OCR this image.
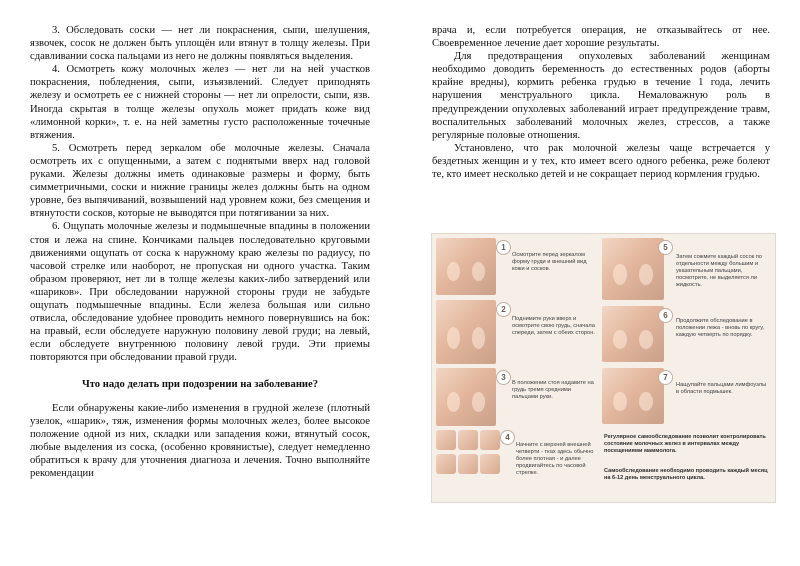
3. Обследовать соски — нет ли покраснения, сыпи, шелушения, язвочек, сосок не должен быть уплощён или втянут в толщу железы. При сдавливании соска пальцами из него не должны появляться выделения.

4. Осмотреть кожу молочных желез — нет ли на ней участков покраснения, побледнения, сыпи, изъязвлений. Следует приподнять железу и осмотреть ее с нижней стороны — нет ли опрелости, сыпи, язв. Иногда скрытая в толще железы опухоль может придать коже вид «лимонной корки», т. е. на ней заметны густо расположенные точечные втяжения.

5. Осмотреть перед зеркалом обе молочные железы. Сначала осмотреть их с опущенными, а затем с поднятыми вверх над головой руками. Железы должны иметь одинаковые размеры и форму, быть симметричными, соски и нижние границы желез должны быть на одном уровне, без выпячиваний, возвышений над уровнем кожи, без смещения и втянутости сосков, которые не выводятся при потягивании за них.

6. Ощупать молочные железы и подмышечные впадины в положении стоя и лежа на спине. Кончиками пальцев последовательно круговыми движениями ощупать от соска к наружному краю железы по радиусу, по часовой стрелке или наоборот, не пропуская ни одного участка. Таким образом проверяют, нет ли в толще железы каких-либо затвердений или «шариков». При обследовании наружной стороны груди не забудьте ощупать подмышечные впадины. Если железа большая или сильно отвисла, обследование удобнее проводить немного повернувшись на бок: на правый, если обследуете наружную половину левой груди; на левый, если обследуете внутреннюю половину левой груди. Эти приемы повторяются при обследовании правой груди.

Что надо делать при подозрении на заболевание?

Если обнаружены какие-либо изменения в грудной железе (плотный узелок, «шарик», тяж, изменения формы молочных желез, более высокое положение одной из них, складки или западения кожи, втянутый сосок, любые выделения из соска, (особенно кровянистые), следует немедленно обратиться к врачу для уточнения диагноза и лечения. Точно выполняйте рекомендации

врача и, если потребуется операция, не отказывайтесь от нее. Своевременное лечение дает хорошие результаты.

Для предотвращения опухолевых заболеваний женщинам необходимо доводить беременность до естественных родов (аборты крайне вредны), кормить ребенка грудью в течение 1 года, лечить нарушения менструального цикла. Немаловажную роль в предупреждении опухолевых заболеваний играет предупреждение травм, воспалительных заболеваний молочных желез, стрессов, а также регулярные половые отношения.

Установлено, что рак молочной железы чаще встречается у бездетных женщин и у тех, кто имеет всего одного ребенка, реже болеют те, кто имеет несколько детей и не сокращает период кормления грудью.

1
Осмотрите перед зеркалом форму груди и внешний вид кожи и сосков.
2
Поднимите руки вверх и осмотрите свою грудь, сначала спереди, затем с обеих сторон.
3
В положении стоя надавите на грудь тремя средними пальцами руки.
4
Начните с верхней внешней четверти - тках здесь обычно более плотная - и далее продвигайтесь по часовой стрелке.
5
Затем сожмите каждый сосок по отдельности между большим и указательным пальцами, посмотрите, не выделяется ли жидкость.
6
Продолжите обследование в положении лежа - вновь по кругу, каждую четверть по порядку.
7
Нащупайте пальцами лимфоузлы в области подмышек.
Регулярное самообследование позволит контролировать состояние молочных желез в интервалах между посещениями маммолога.
Самообследование необходимо проводить каждый месяц на 6-12 день менструального цикла.
